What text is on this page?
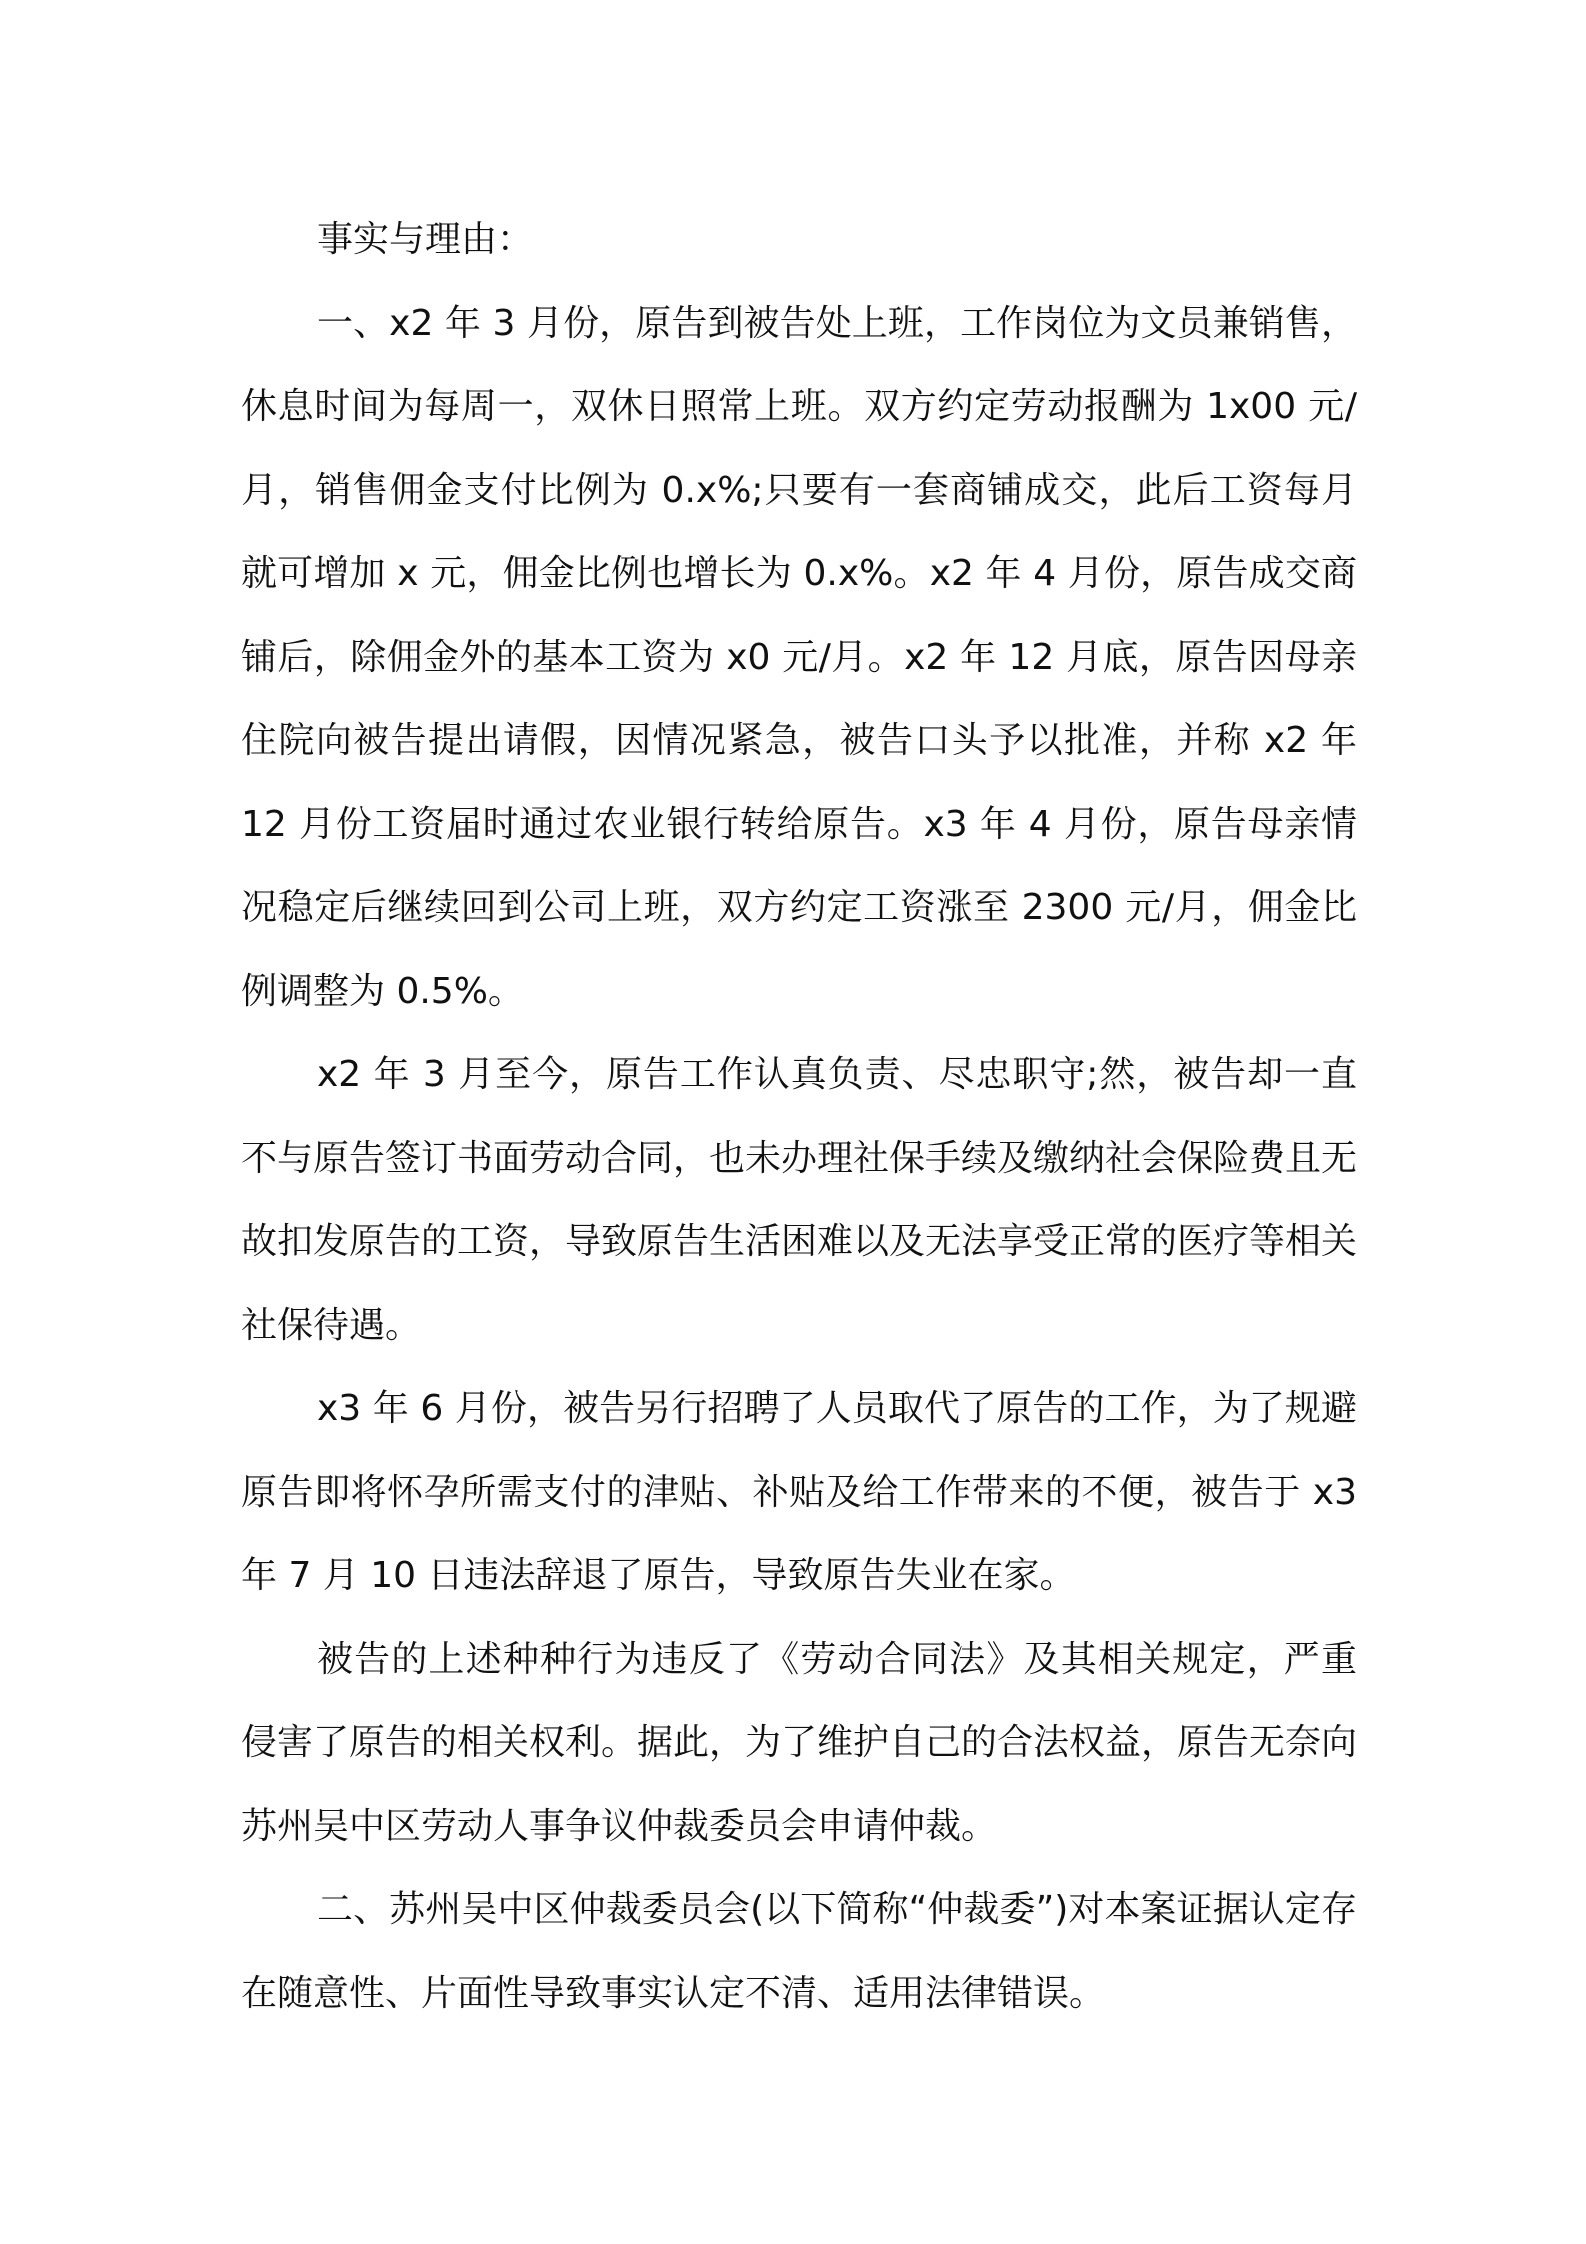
事实与理由：

一、x2 年 3 月份，原告到被告处上班，工作岗位为文员兼销售，休息时间为每周一，双休日照常上班。双方约定劳动报酬为 1x00 元/月，销售佣金支付比例为 0.x%;只要有一套商铺成交，此后工资每月就可增加 x 元，佣金比例也增长为 0.x%。x2 年 4 月份，原告成交商铺后，除佣金外的基本工资为 x0 元/月。x2 年 12 月底，原告因母亲住院向被告提出请假，因情况紧急，被告口头予以批准，并称 x2 年 12 月份工资届时通过农业银行转给原告。x3 年 4 月份，原告母亲情况稳定后继续回到公司上班，双方约定工资涨至 2300 元/月，佣金比例调整为 0.5%。

x2 年 3 月至今，原告工作认真负责、尽忠职守;然，被告却一直不与原告签订书面劳动合同，也未办理社保手续及缴纳社会保险费且无故扣发原告的工资，导致原告生活困难以及无法享受正常的医疗等相关社保待遇。

x3 年 6 月份，被告另行招聘了人员取代了原告的工作，为了规避原告即将怀孕所需支付的津贴、补贴及给工作带来的不便，被告于 x3 年 7 月 10 日违法辞退了原告，导致原告失业在家。

被告的上述种种行为违反了《劳动合同法》及其相关规定，严重侵害了原告的相关权利。据此，为了维护自己的合法权益，原告无奈向苏州吴中区劳动人事争议仲裁委员会申请仲裁。

二、苏州吴中区仲裁委员会(以下简称“仲裁委”)对本案证据认定存在随意性、片面性导致事实认定不清、适用法律错误。
